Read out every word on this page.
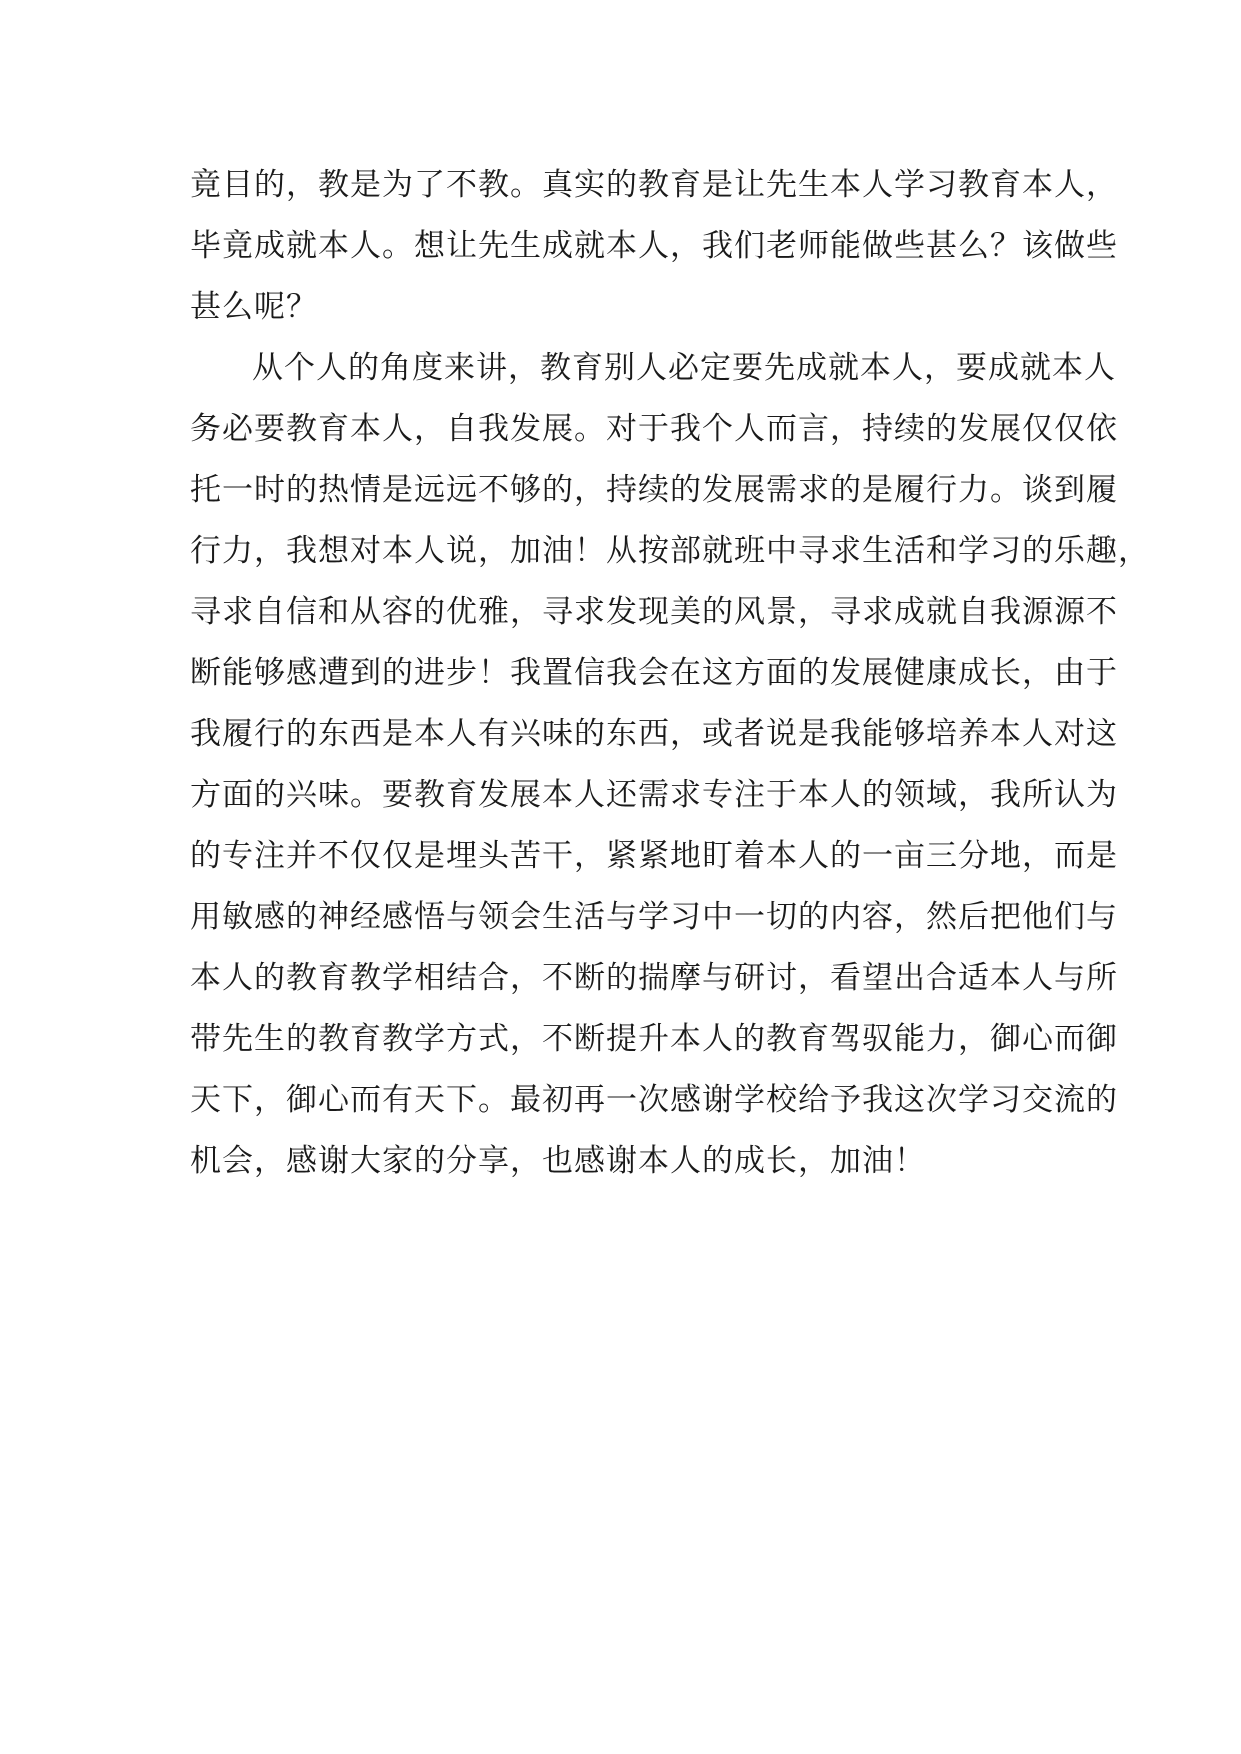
竟目的，教是为了不教。真实的教育是让先生本人学习教育本人，
毕竟成就本人。想让先生成就本人，我们老师能做些甚么？该做些
甚么呢？
从个人的角度来讲，教育别人必定要先成就本人，要成就本人
务必要教育本人，自我发展。对于我个人而言，持续的发展仅仅依
托一时的热情是远远不够的，持续的发展需求的是履行力。谈到履
行力，我想对本人说，加油！从按部就班中寻求生活和学习的乐趣，
寻求自信和从容的优雅，寻求发现美的风景，寻求成就自我源源不
断能够感遭到的进步！我置信我会在这方面的发展健康成长，由于
我履行的东西是本人有兴味的东西，或者说是我能够培养本人对这
方面的兴味。要教育发展本人还需求专注于本人的领域，我所认为
的专注并不仅仅是埋头苦干，紧紧地盯着本人的一亩三分地，而是
用敏感的神经感悟与领会生活与学习中一切的内容，然后把他们与
本人的教育教学相结合，不断的揣摩与研讨，看望出合适本人与所
带先生的教育教学方式，不断提升本人的教育驾驭能力，御心而御
天下，御心而有天下。最初再一次感谢学校给予我这次学习交流的
机会，感谢大家的分享，也感谢本人的成长，加油！
